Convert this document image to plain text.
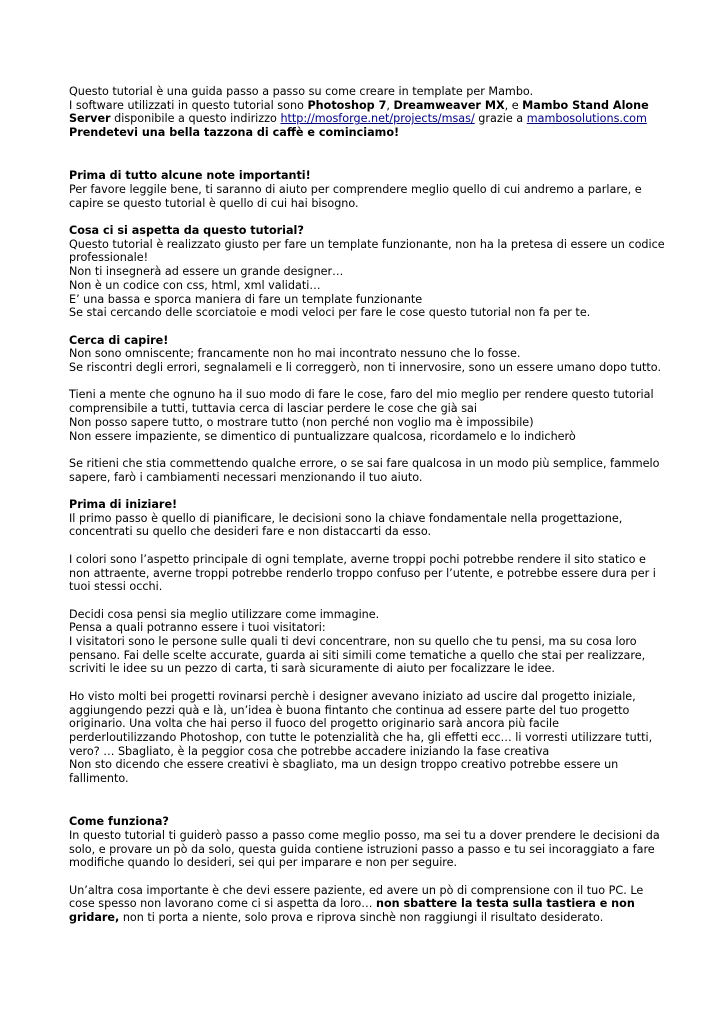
Questo tutorial è una guida passo a passo su come creare in template per Mambo.
I software utilizzati in questo tutorial sono Photoshop 7, Dreamweaver MX, e Mambo Stand Alone
Server disponibile a questo indirizzo http://mosforge.net/projects/msas/ grazie a mambosolutions.com
Prendetevi una bella tazzona di caffè e cominciamo!
Prima di tutto alcune note importanti!
Per favore leggile bene, ti saranno di aiuto per comprendere meglio quello di cui andremo a parlare, e
capire se questo tutorial è quello di cui hai bisogno.
Cosa ci si aspetta da questo tutorial?
Questo tutorial è realizzato giusto per fare un template funzionante, non ha la pretesa di essere un codice
professionale!
Non ti insegnerà ad essere un grande designer…
Non è un codice con css, html, xml validati…
E’ una bassa e sporca maniera di fare un template funzionante
Se stai cercando delle scorciatoie e modi veloci per fare le cose questo tutorial non fa per te.
Cerca di capire!
Non sono omniscente; francamente non ho mai incontrato nessuno che lo fosse.
Se riscontri degli errori, segnalameli e li correggerò, non ti innervosire, sono un essere umano dopo tutto.
Tieni a mente che ognuno ha il suo modo di fare le cose, faro del mio meglio per rendere questo tutorial
comprensibile a tutti, tuttavia cerca di lasciar perdere le cose che già sai
Non posso sapere tutto, o mostrare tutto (non perché non voglio ma è impossibile)
Non essere impaziente, se dimentico di puntualizzare qualcosa, ricordamelo e lo indicherò
Se ritieni che stia commettendo qualche errore, o se sai fare qualcosa in un modo più semplice, fammelo
sapere, farò i cambiamenti necessari menzionando il tuo aiuto.
Prima di iniziare!
Il primo passo è quello di pianificare, le decisioni sono la chiave fondamentale nella progettazione,
concentrati su quello che desideri fare e non distaccarti da esso.
I colori sono l’aspetto principale di ogni template, averne troppi pochi potrebbe rendere il sito statico e
non attraente, averne troppi potrebbe renderlo troppo confuso per l’utente, e potrebbe essere dura per i
tuoi stessi occhi.
Decidi cosa pensi sia meglio utilizzare come immagine.
Pensa a quali potranno essere i tuoi visitatori:
I visitatori sono le persone sulle quali ti devi concentrare, non su quello che tu pensi, ma su cosa loro
pensano. Fai delle scelte accurate, guarda ai siti simili come tematiche a quello che stai per realizzare,
scriviti le idee su un pezzo di carta, ti sarà sicuramente di aiuto per focalizzare le idee.
Ho visto molti bei progetti rovinarsi perchè i designer avevano iniziato ad uscire dal progetto iniziale,
aggiungendo pezzi quà e là, un’idea è buona fintanto che continua ad essere parte del tuo progetto
originario. Una volta che hai perso il fuoco del progetto originario sarà ancora più facile
perderloutilizzando Photoshop, con tutte le potenzialità che ha, gli effetti ecc… li vorresti utilizzare tutti,
vero? … Sbagliato, è la peggior cosa che potrebbe accadere iniziando la fase creativa
Non sto dicendo che essere creativi è sbagliato, ma un design troppo creativo potrebbe essere un
fallimento.
Come funziona?
In questo tutorial ti guiderò passo a passo come meglio posso, ma sei tu a dover prendere le decisioni da
solo, e provare un pò da solo, questa guida contiene istruzioni passo a passo e tu sei incoraggiato a fare
modifiche quando lo desideri, sei qui per imparare e non per seguire.
Un’altra cosa importante è che devi essere paziente, ed avere un pò di comprensione con il tuo PC. Le
cose spesso non lavorano come ci si aspetta da loro… non sbattere la testa sulla tastiera e non
gridare, non ti porta a niente, solo prova e riprova sinchè non raggiungi il risultato desiderato.
